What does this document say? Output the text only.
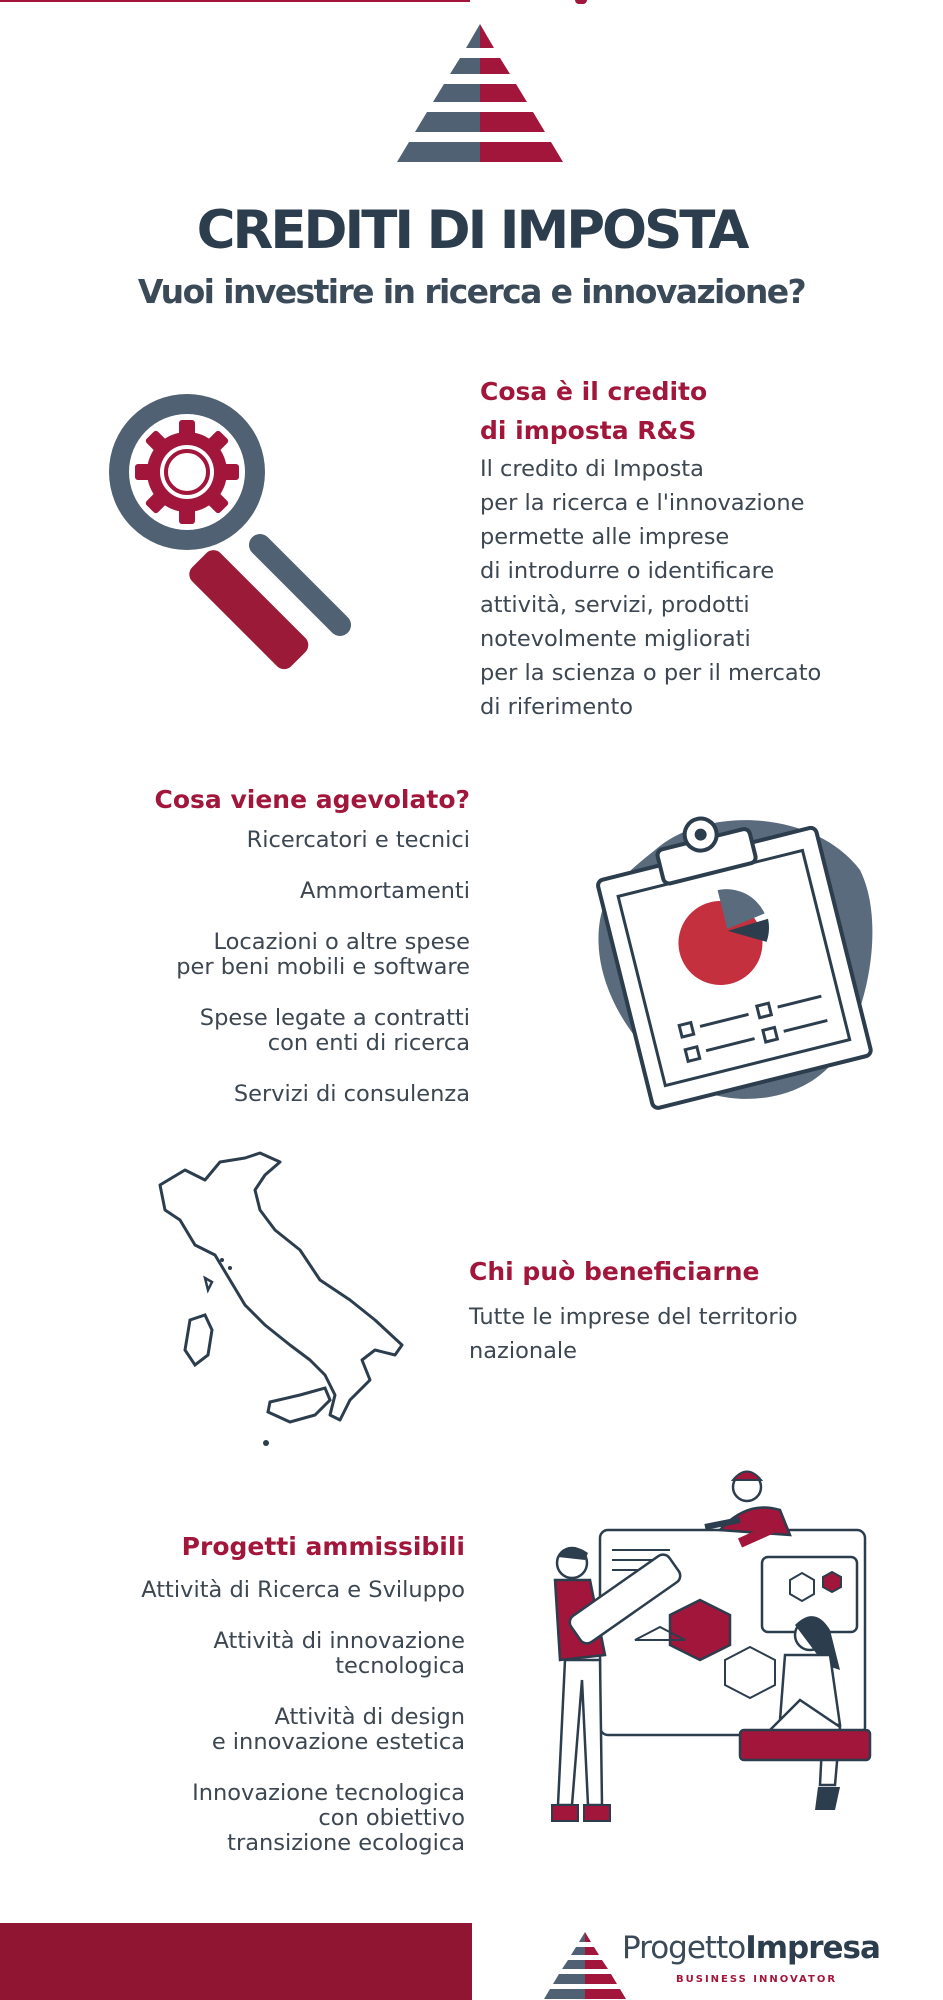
CREDITI DI IMPOSTA
Vuoi investire in ricerca e innovazione?
Cosa è il credito
di imposta R&S
Il credito di Imposta
per la ricerca e l'innovazione
permette alle imprese
di introdurre o identificare
attività, servizi, prodotti
notevolmente migliorati
per la scienza o per il mercato
di riferimento
Cosa viene agevolato?
Ricercatori e tecnici
Ammortamenti
Locazioni o altre spese
per beni mobili e software
Spese legate a contratti
con enti di ricerca
Servizi di consulenza
Chi può beneficiarne
Tutte le imprese del territorio
nazionale
Progetti ammissibili
Attività di Ricerca e Sviluppo
Attività di innovazione
tecnologica
Attività di design
e innovazione estetica
Innovazione tecnologica
con obiettivo
transizione ecologica
ProgettoImpresa
BUSINESS INNOVATOR
